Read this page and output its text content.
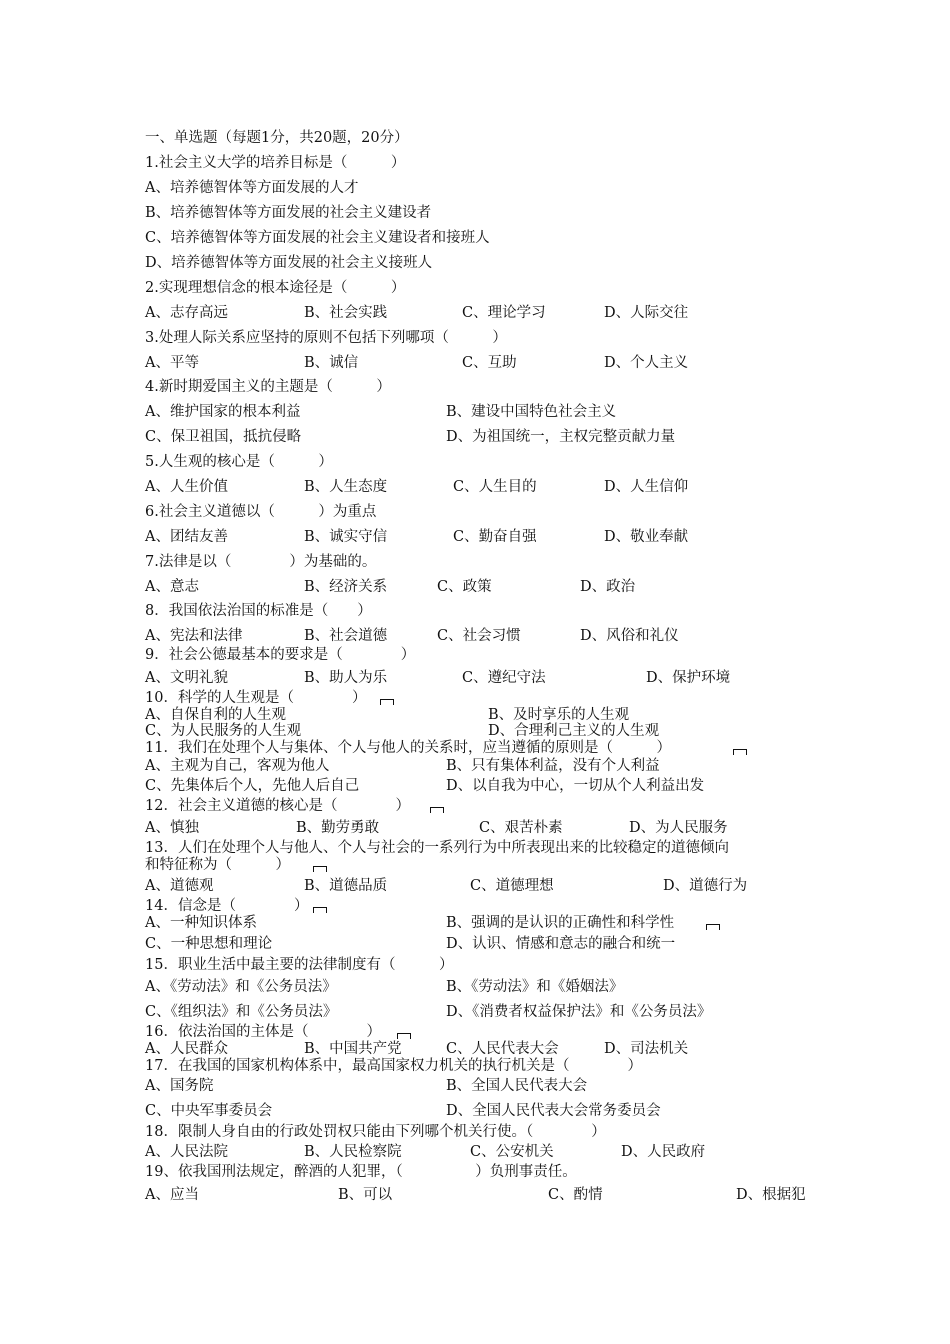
一、单选题（每题1分，共20题，20分）
1.社会主义大学的培养目标是（　　　）
A、培养德智体等方面发展的人才
B、培养德智体等方面发展的社会主义建设者
C、培养德智体等方面发展的社会主义建设者和接班人
D、培养德智体等方面发展的社会主义接班人
2.实现理想信念的根本途径是（　　　）
A、志存高远	B、社会实践	C、理论学习	D、人际交往
3.处理人际关系应坚持的原则不包括下列哪项（　　　）
A、平等	B、诚信	C、互助	D、个人主义
4.新时期爱国主义的主题是（　　　）
A、维护国家的根本利益	B、建设中国特色社会主义
C、保卫祖国，抵抗侵略	D、为祖国统一，主权完整贡献力量
5.人生观的核心是（　　　）
A、人生价值	B、人生态度	C、人生目的	D、人生信仰
6.社会主义道德以（　　　）为重点
A、团结友善	B、诚实守信	C、勤奋自强	D、敬业奉献
7.法律是以（　　　　）为基础的。
A、意志	B、经济关系	C、政策	D、政治
8．我国依法治国的标准是（　　）
A、宪法和法律	B、社会道德	C、社会习惯	D、风俗和礼仪
9．社会公德最基本的要求是（　　　　）
A、文明礼貌	B、助人为乐	C、遵纪守法	D、保护环境
10．科学的人生观是（　　　　）
A、自保自利的人生观	B、及时享乐的人生观
C、为人民服务的人生观	D、合理利己主义的人生观
11．我们在处理个人与集体、个人与他人的关系时，应当遵循的原则是（　　　）
A、主观为自己，客观为他人	B、只有集体利益，没有个人利益
C、先集体后个人，先他人后自己	D、以自我为中心，一切从个人利益出发
12．社会主义道德的核心是（　　　　）
A、慎独	B、勤劳勇敢	C、艰苦朴素	D、为人民服务
13．人们在处理个人与他人、个人与社会的一系列行为中所表现出来的比较稳定的道德倾向
和特征称为（　　　）
A、道德观	B、道德品质	C、道德理想	D、道德行为
14．信念是（　　　　）
A、一种知识体系	B、强调的是认识的正确性和科学性
C、一种思想和理论	D、认识、情感和意志的融合和统一
15．职业生活中最主要的法律制度有（　　　）
A、《劳动法》和《公务员法》	B、《劳动法》和《婚姻法》
C、《组织法》和《公务员法》	D、《消费者权益保护法》和《公务员法》
16．依法治国的主体是（　　　　）
A、人民群众	B、中国共产党	C、人民代表大会	D、司法机关
17．在我国的国家机构体系中，最高国家权力机关的执行机关是（　　　　）
A、国务院	B、全国人民代表大会
C、中央军事委员会	D、全国人民代表大会常务委员会
18．限制人身自由的行政处罚权只能由下列哪个机关行使。（　　　　）
A、人民法院	B、人民检察院	C、公安机关	D、人民政府
19、依我国刑法规定，醉酒的人犯罪，（　　　　　）负刑事责任。
A、应当	B、可以	C、酌情	D、根据犯
